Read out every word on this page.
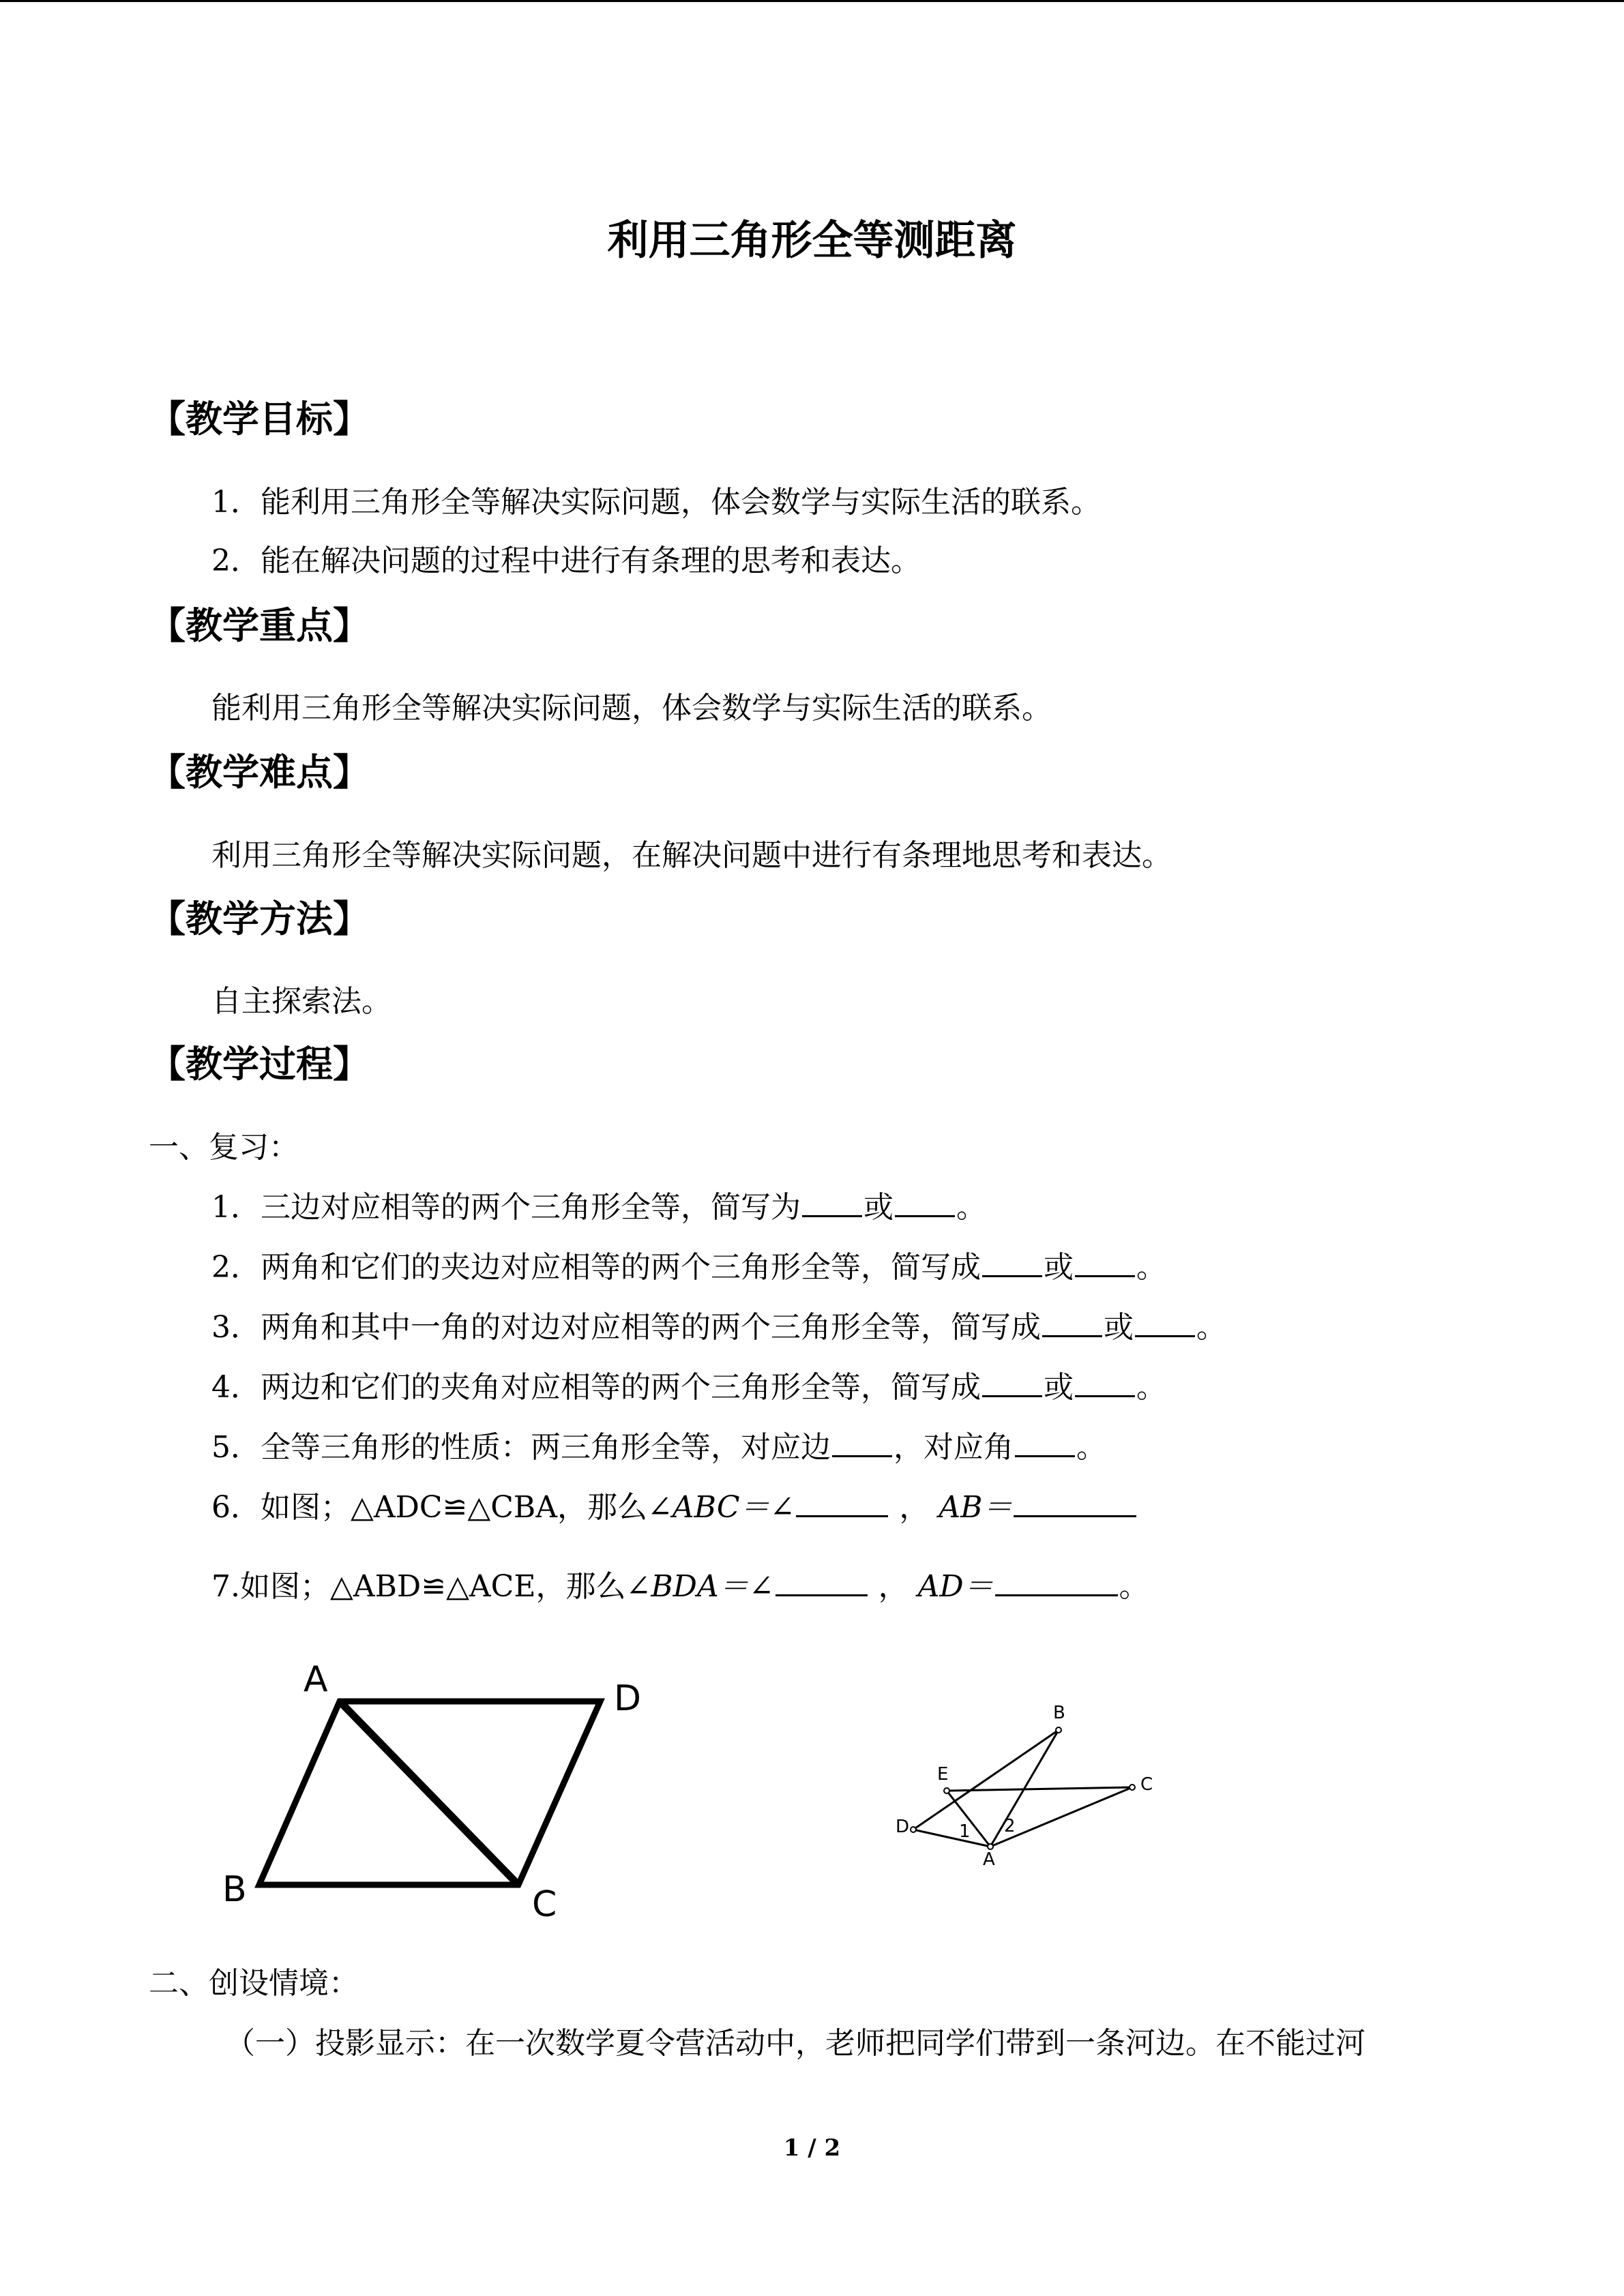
利用三角形全等测距离
【教学目标】
1．能利用三角形全等解决实际问题，体会数学与实际生活的联系。
2．能在解决问题的过程中进行有条理的思考和表达。
【教学重点】
能利用三角形全等解决实际问题，体会数学与实际生活的联系。
【教学难点】
利用三角形全等解决实际问题，在解决问题中进行有条理地思考和表达。
【教学方法】
自主探索法。
【教学过程】
一、复习：
1．三边对应相等的两个三角形全等，简写为 或 。
2．两角和它们的夹边对应相等的两个三角形全等，简写成 或 。
3．两角和其中一角的对边对应相等的两个三角形全等，简写成 或 。
4．两边和它们的夹角对应相等的两个三角形全等，简写成 或 。
5．全等三角形的性质：两三角形全等，对应边 ，对应角 。
6．如图；△ADC≌△CBA，那么∠ABC＝∠	， AB＝
7.如图；△ABD≌△ACE，那么∠BDA＝∠	， AD＝	。
A	D
B	C
B
E	C
D	1 2
A
二、创设情境：
（一）投影显示：在一次数学夏令营活动中，老师把同学们带到一条河边。在不能过河
1 / 2
